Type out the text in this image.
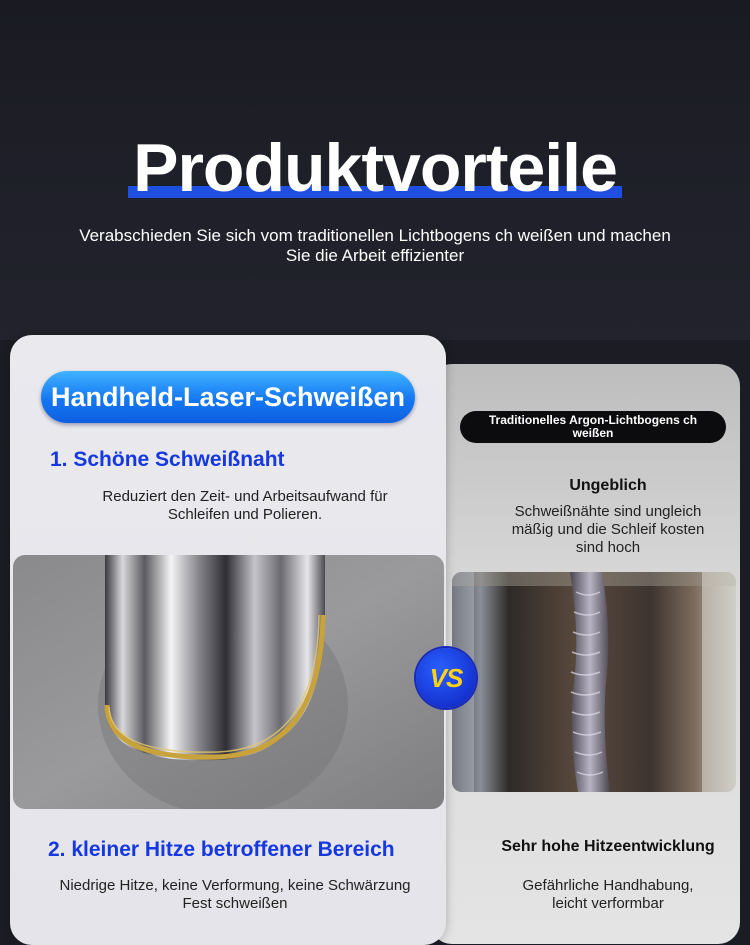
Produktvorteile
Verabschieden Sie sich vom traditionellen Lichtbogens ch weißen und machen
Sie die Arbeit effizienter
Traditionelles Argon-Lichtbogens ch weißen
Ungeblich
Schweißnähte sind ungleich
mäßig und die Schleif kosten
sind hoch
Sehr hohe Hitzeentwicklung
Gefährliche Handhabung,
leicht verformbar
Handheld-Laser-Schweißen
1. Schöne Schweißnaht
Reduziert den Zeit- und Arbeitsaufwand für
Schleifen und Polieren.
2. kleiner Hitze betroffener Bereich
Niedrige Hitze, keine Verformung, keine Schwärzung
Fest schweißen
VS
